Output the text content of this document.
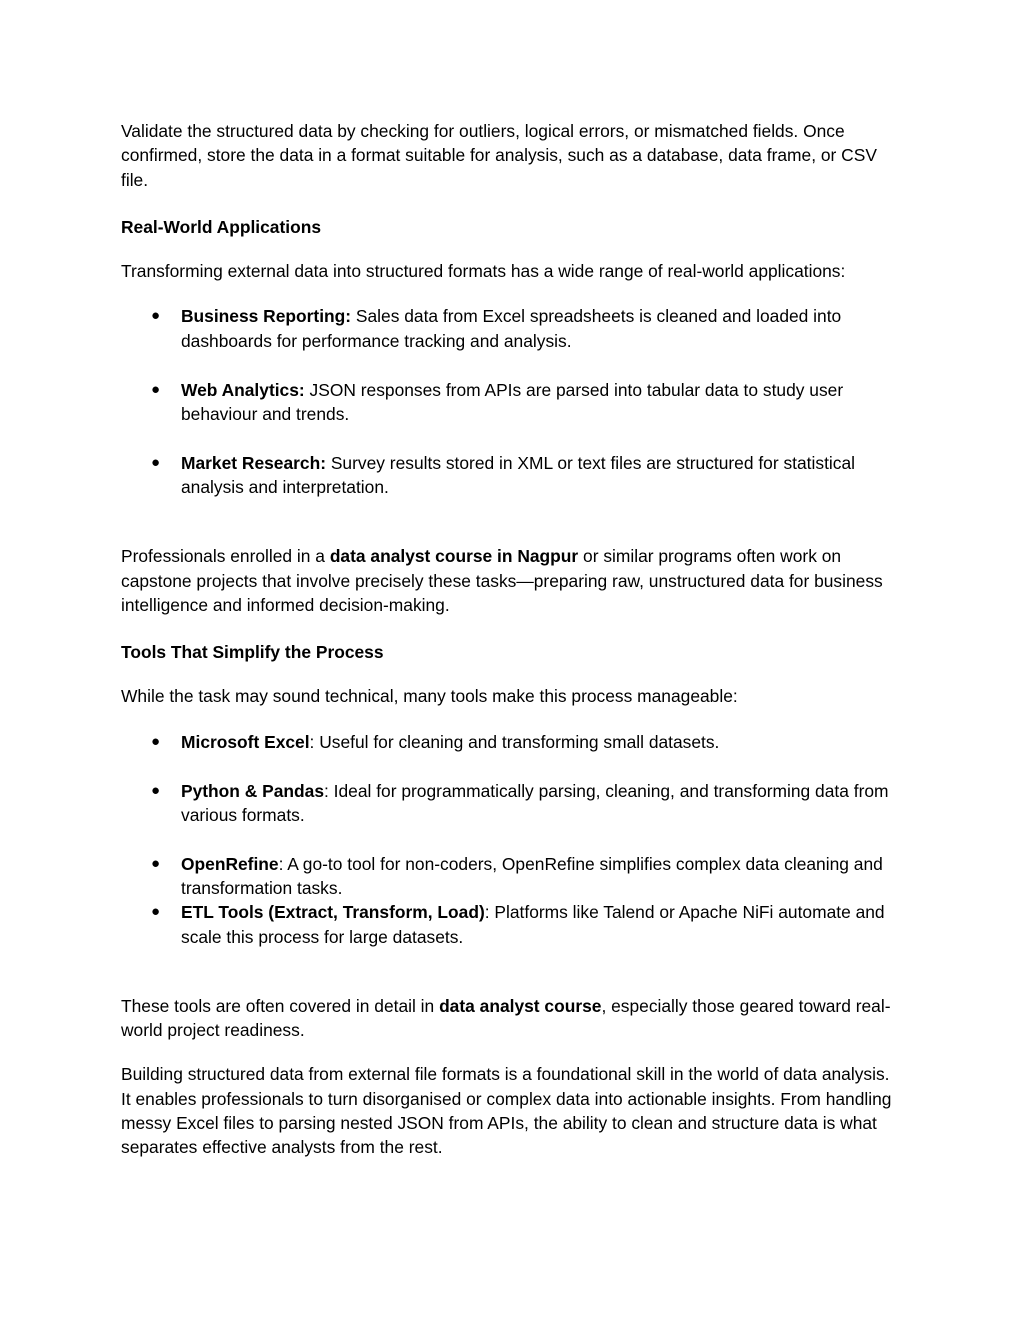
Validate the structured data by checking for outliers, logical errors, or mismatched fields. Once confirmed, store the data in a format suitable for analysis, such as a database, data frame, or CSV file.

Real-World Applications

Transforming external data into structured formats has a wide range of real-world applications:

● Business Reporting: Sales data from Excel spreadsheets is cleaned and loaded into dashboards for performance tracking and analysis.
● Web Analytics: JSON responses from APIs are parsed into tabular data to study user behaviour and trends.
● Market Research: Survey results stored in XML or text files are structured for statistical analysis and interpretation.

Professionals enrolled in a data analyst course in Nagpur or similar programs often work on capstone projects that involve precisely these tasks—preparing raw, unstructured data for business intelligence and informed decision-making.

Tools That Simplify the Process

While the task may sound technical, many tools make this process manageable:

● Microsoft Excel: Useful for cleaning and transforming small datasets.
● Python & Pandas: Ideal for programmatically parsing, cleaning, and transforming data from various formats.
● OpenRefine: A go-to tool for non-coders, OpenRefine simplifies complex data cleaning and transformation tasks.
● ETL Tools (Extract, Transform, Load): Platforms like Talend or Apache NiFi automate and scale this process for large datasets.

These tools are often covered in detail in data analyst course, especially those geared toward real-world project readiness.

Building structured data from external file formats is a foundational skill in the world of data analysis. It enables professionals to turn disorganised or complex data into actionable insights. From handling messy Excel files to parsing nested JSON from APIs, the ability to clean and structure data is what separates effective analysts from the rest.
